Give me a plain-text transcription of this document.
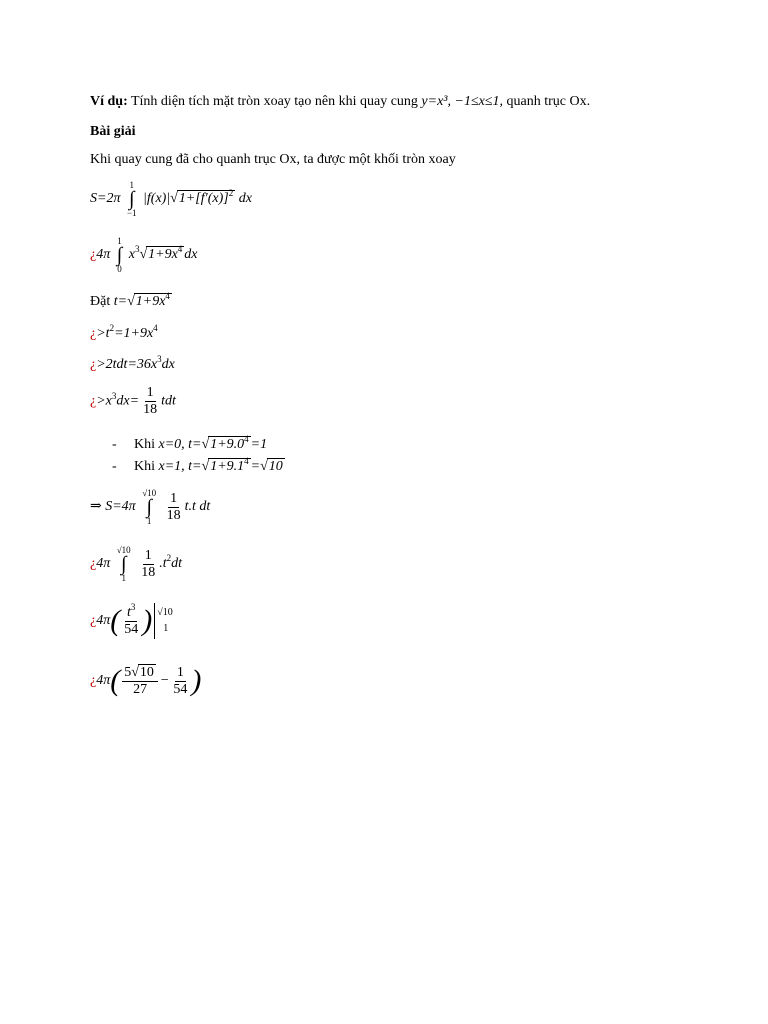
Ví dụ: Tính diện tích mặt tròn xoay tạo nên khi quay cung y=x³, −1≤x≤1, quanh trục Ox.
Bài giải
Khi quay cung đã cho quanh trục Ox, ta được một khối tròn xoay
S=2π
1
∫
−1
$|f(x)|√1+[f'(x)]^2$ dx
¿4π
1
∫
0
$x^3√1+9x^4$ dx
Đặt $t=√1+9x^4$
¿$>t^2=1+9x^4$
¿$>2tdt=36x^3dx$
¿$>x^3dx= \frac{1}{18}$ tdt
- Khi x=0, $t=√1+9.0^4 =1$
- Khi x=1, $t=√1+9.1^4 =√10$
⇒ S=4π
√10
∫
1
$\frac{1}{18} t.t$ dt
¿4π
√10
∫
1
$\frac{1}{18} .t^2dt$
¿$4\pi( \frac{t^3}{54}$ ) √10
1
¿$4\pi( \frac{5√10}{27} - \frac{1}{54}$ )
